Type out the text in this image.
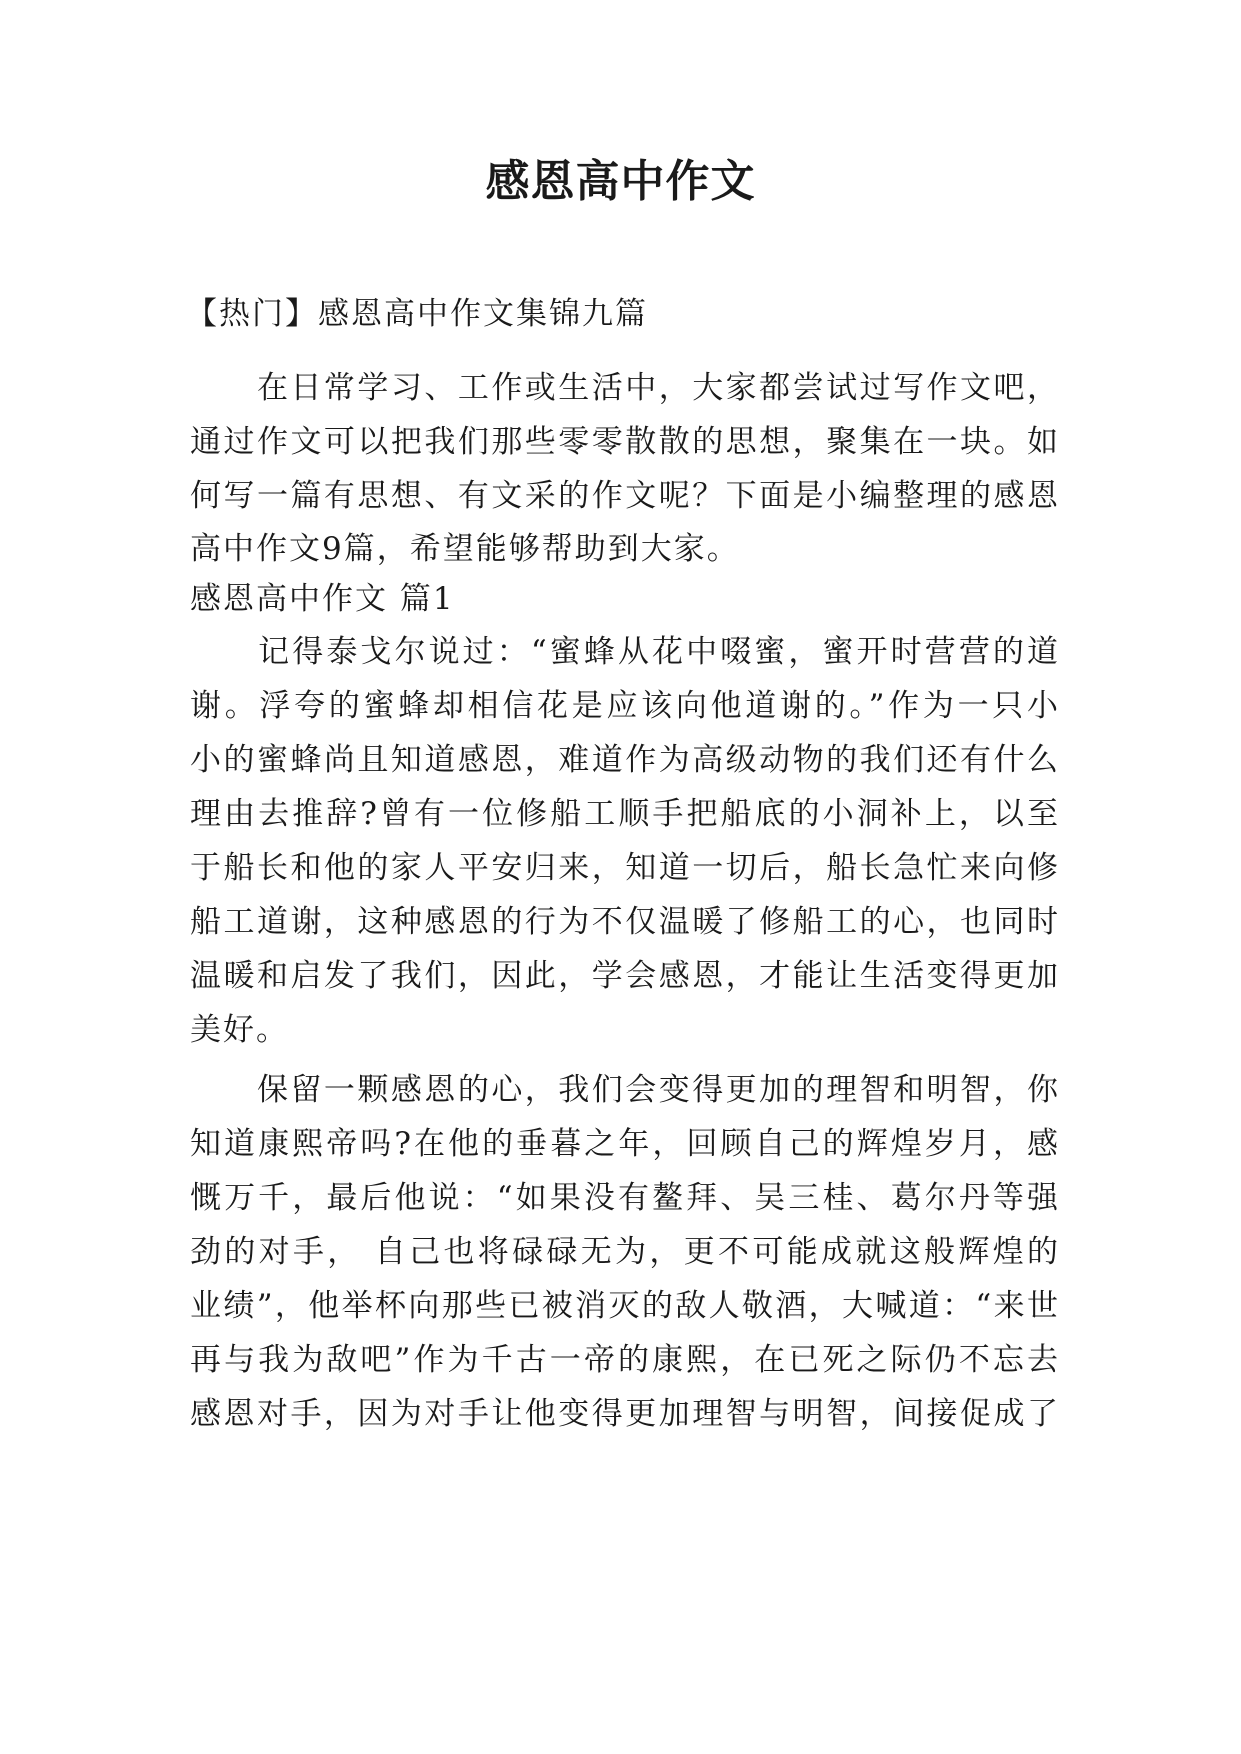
感恩高中作文

【热门】感恩高中作文集锦九篇

　　在日常学习、工作或生活中，大家都尝试过写作文吧，

通过作文可以把我们那些零零散散的思想，聚集在一块。如

何写一篇有思想、有文采的作文呢？下面是小编整理的感恩

高中作文9篇，希望能够帮助到大家。

感恩高中作文 篇1

　　记得泰戈尔说过：“蜜蜂从花中啜蜜，蜜开时营营的道

谢。浮夸的蜜蜂却相信花是应该向他道谢的。”作为一只小

小的蜜蜂尚且知道感恩，难道作为高级动物的我们还有什么

理由去推辞?曾有一位修船工顺手把船底的小洞补上，以至

于船长和他的家人平安归来，知道一切后，船长急忙来向修

船工道谢，这种感恩的行为不仅温暖了修船工的心，也同时

温暖和启发了我们，因此，学会感恩，才能让生活变得更加

美好。

　　保留一颗感恩的心，我们会变得更加的理智和明智，你

知道康熙帝吗?在他的垂暮之年，回顾自己的辉煌岁月，感

慨万千，最后他说：“如果没有鳌拜、吴三桂、葛尔丹等强

劲的对手， 自己也将碌碌无为，更不可能成就这般辉煌的

业绩”，他举杯向那些已被消灭的敌人敬酒，大喊道：“来世

再与我为敌吧”作为千古一帝的康熙，在已死之际仍不忘去

感恩对手，因为对手让他变得更加理智与明智，间接促成了
